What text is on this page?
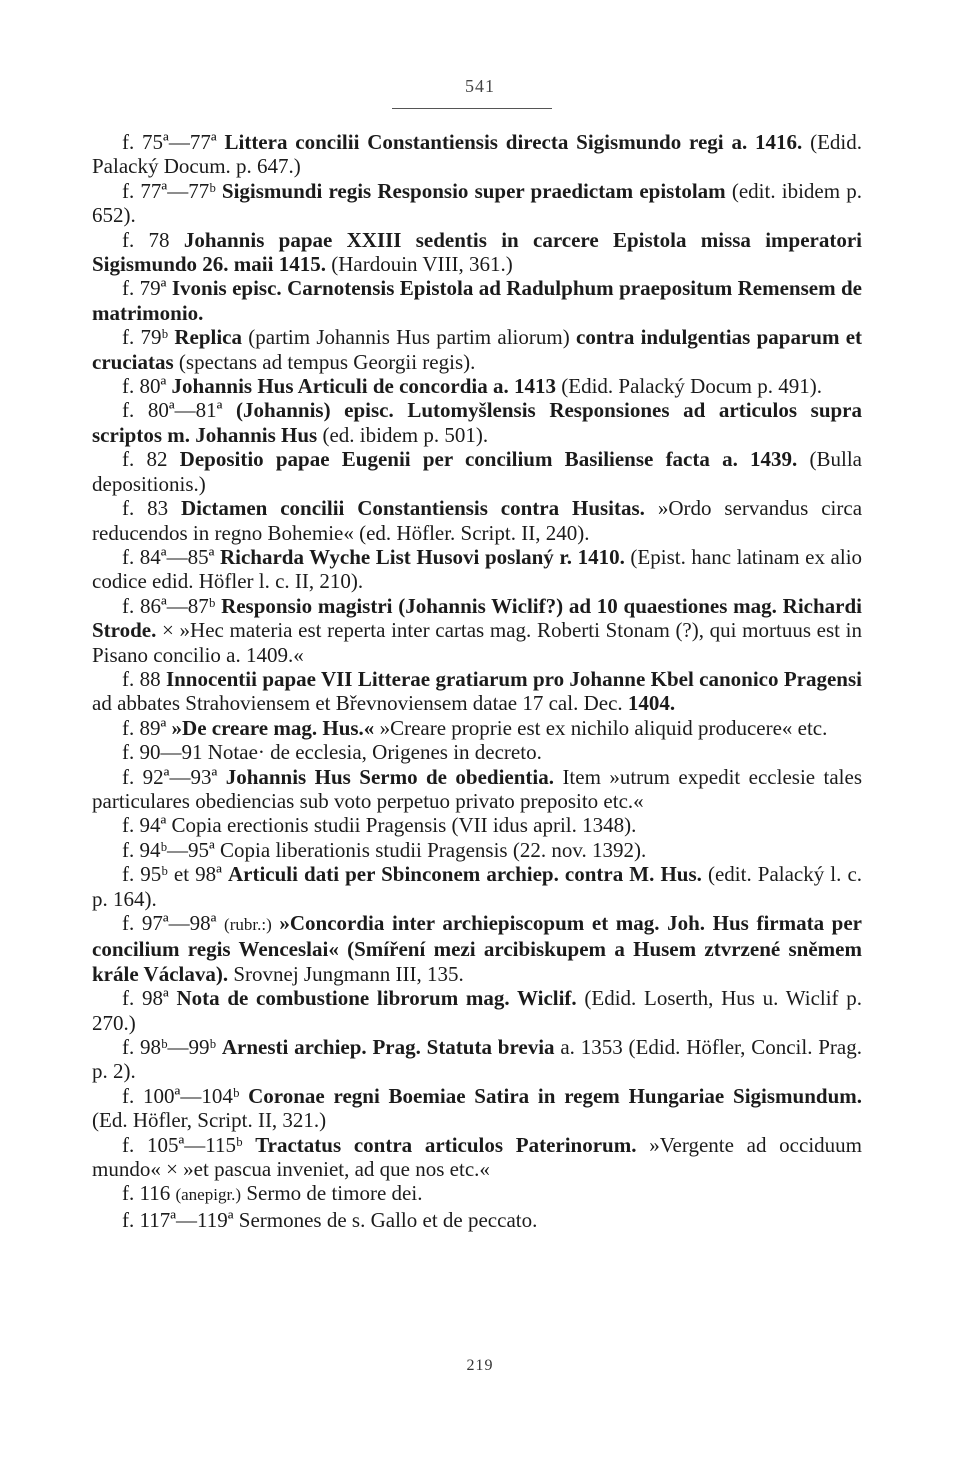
541

f. 75ª—77ª Littera concilii Constantiensis directa Sigismundo regi a. 1416. (Edid. Palacký Docum. p. 647.)

f. 77ª—77ᵇ Sigismundi regis Responsio super praedictam epistolam (edit. ibidem p. 652).

f. 78 Johannis papae XXIII sedentis in carcere Epistola missa imperatori Sigismundo 26. maii 1415. (Hardouin VIII, 361.)

f. 79ª Ivonis episc. Carnotensis Epistola ad Radulphum praepositum Remensem de matrimonio.

f. 79ᵇ Replica (partim Johannis Hus partim aliorum) contra indulgentias paparum et cruciatas (spectans ad tempus Georgii regis).

f. 80ª Johannis Hus Articuli de concordia a. 1413 (Edid. Palacký Docum p. 491).

f. 80ª—81ª (Johannis) episc. Lutomyšlensis Responsiones ad articulos supra scriptos m. Johannis Hus (ed. ibidem p. 501).

f. 82 Depositio papae Eugenii per concilium Basiliense facta a. 1439. (Bulla depositionis.)

f. 83 Dictamen concilii Constantiensis contra Husitas. »Ordo servandus circa reducendos in regno Bohemie« (ed. Höfler. Script. II, 240).

f. 84ª—85ª Richarda Wyche List Husovi poslaný r. 1410. (Epist. hanc latinam ex alio codice edid. Höfler l. c. II, 210).

f. 86ª—87ᵇ Responsio magistri (Johannis Wiclif?) ad 10 quaestiones mag. Richardi Strode. × »Hec materia est reperta inter cartas mag. Roberti Stonam (?), qui mortuus est in Pisano concilio a. 1409.«

f. 88 Innocentii papae VII Litterae gratiarum pro Johanne Kbel canonico Pragensi ad abbates Strahoviensem et Břevnoviensem datae 17 cal. Dec. 1404.

f. 89ª »De creare mag. Hus.« »Creare proprie est ex nichilo aliquid producere« etc.

f. 90—91 Notae· de ecclesia, Origenes in decreto.

f. 92ª—93ª Johannis Hus Sermo de obedientia. Item »utrum expedit ecclesie tales particulares obediencias sub voto perpetuo privato preposito etc.«

f. 94ª Copia erectionis studii Pragensis (VII idus april. 1348).

f. 94ᵇ—95ª Copia liberationis studii Pragensis (22. nov. 1392).

f. 95ᵇ et 98ª Articuli dati per Sbinconem archiep. contra M. Hus. (edit. Palacký l. c. p. 164).

f. 97ª—98ª (rubr.:) »Concordia inter archiepiscopum et mag. Joh. Hus firmata per concilium regis Wenceslai« (Smíření mezi arcibiskupem a Husem ztvrzené sněmem krále Václava). Srovnej Jungmann III, 135.

f. 98ª Nota de combustione librorum mag. Wiclif. (Edid. Loserth, Hus u. Wiclif p. 270.)

f. 98ᵇ—99ᵇ Arnesti archiep. Prag. Statuta brevia a. 1353 (Edid. Höfler, Concil. Prag. p. 2).

f. 100ª—104ᵇ Coronae regni Boemiae Satira in regem Hungariae Sigismundum. (Ed. Höfler, Script. II, 321.)

f. 105ª—115ᵇ Tractatus contra articulos Paterinorum. »Vergente ad occiduum mundo« × »et pascua inveniet, ad que nos etc.«

f. 116 (anepigr.) Sermo de timore dei.

f. 117ª—119ª Sermones de s. Gallo et de peccato.

219
